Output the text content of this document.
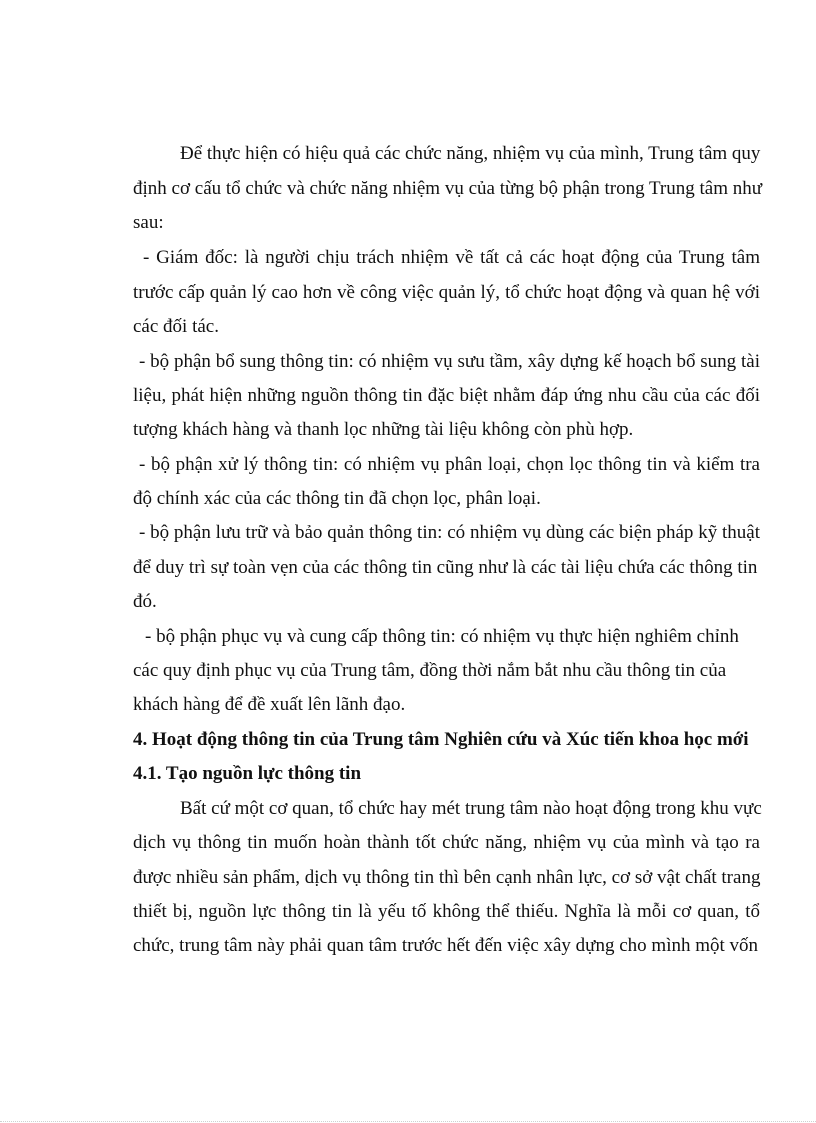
Để thực hiện có hiệu quả các chức năng, nhiệm vụ của mình, Trung tâm quy
định cơ cấu tổ chức và chức năng nhiệm vụ của từng bộ phận trong Trung tâm như
sau:
- Giám đốc: là người chịu trách nhiệm về tất cả các hoạt động của Trung tâm
trước cấp quản lý cao hơn về công việc quản lý, tổ chức hoạt động và quan hệ với
các đối tác.
- bộ phận bổ sung thông tin: có nhiệm vụ sưu tầm, xây dựng kế hoạch bổ sung tài
liệu, phát hiện những nguồn thông tin đặc biệt nhằm đáp ứng nhu cầu của các đối
tượng khách hàng và thanh lọc những tài liệu không còn phù hợp.
- bộ phận xử lý thông tin: có nhiệm vụ phân loại, chọn lọc thông tin và kiểm tra
độ chính xác của các thông tin đã chọn lọc, phân loại.
- bộ phận lưu trữ và bảo quản thông tin: có nhiệm vụ dùng các biện pháp kỹ thuật
để duy trì sự toàn vẹn của các thông tin cũng như là các tài liệu chứa các thông tin
đó.
- bộ phận phục vụ và cung cấp thông tin: có nhiệm vụ thực hiện nghiêm chỉnh
các quy định phục vụ của Trung tâm, đồng thời nắm bắt nhu cầu thông tin của
khách hàng để đề xuất lên lãnh đạo.
4. Hoạt động thông tin của Trung tâm Nghiên cứu và Xúc tiến khoa học mới
4.1. Tạo nguồn lực thông tin
Bất cứ một cơ quan, tổ chức hay mét trung tâm nào hoạt động trong khu vực
dịch vụ thông tin muốn hoàn thành tốt chức năng, nhiệm vụ của mình và tạo ra
được nhiều sản phẩm, dịch vụ thông tin thì bên cạnh nhân lực, cơ sở vật chất trang
thiết bị, nguồn lực thông tin là yếu tố không thể thiếu. Nghĩa là mỗi cơ quan, tổ
chức, trung tâm này phải quan tâm trước hết đến việc xây dựng cho mình một vốn
